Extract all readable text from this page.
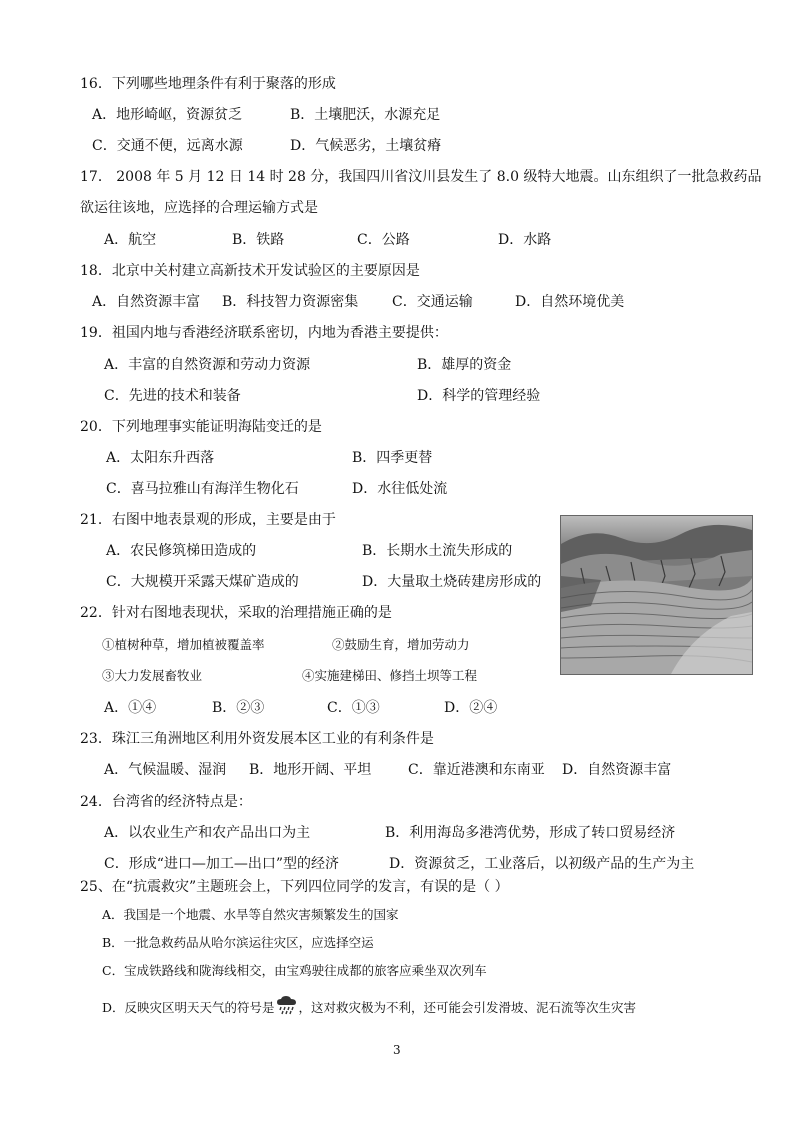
16．下列哪些地理条件有利于聚落的形成
A．地形崎岖，资源贫乏	B．土壤肥沃，水源充足
C．交通不便，远离水源	D．气候恶劣，土壤贫瘠
17． 2008 年 5 月 12 日 14 时 28 分，我国四川省汶川县发生了 8.0 级特大地震。山东组织了一批急救药品
欲运往该地，应选择的合理运输方式是
A．航空	B．铁路	C．公路	D．水路
18．北京中关村建立高新技术开发试验区的主要原因是
A．自然资源丰富 B．科技智力资源密集 C．交通运输	D．自然环境优美
19．祖国内地与香港经济联系密切，内地为香港主要提供：
A．丰富的自然资源和劳动力资源	B．雄厚的资金
C．先进的技术和装备	D．科学的管理经验
20．下列地理事实能证明海陆变迁的是
A．太阳东升西落	B．四季更替
C．喜马拉雅山有海洋生物化石	D．水往低处流
21．右图中地表景观的形成，主要是由于
A．农民修筑梯田造成的	B．长期水土流失形成的
C．大规模开采露天煤矿造成的	D．大量取土烧砖建房形成的
22．针对右图地表现状，采取的治理措施正确的是
①植树种草，增加植被覆盖率	②鼓励生育，增加劳动力
③大力发展畜牧业	④实施建梯田、修挡土坝等工程
A．①④	B．②③	C．①③	D．②④
23．珠江三角洲地区利用外资发展本区工业的有利条件是
A．气候温暖、湿润 B．地形开阔、平坦	C．靠近港澳和东南亚 D．自然资源丰富
24．台湾省的经济特点是：
A．以农业生产和农产品出口为主	B．利用海岛多港湾优势，形成了转口贸易经济
C．形成“进口—加工—出口”型的经济	D．资源贫乏，工业落后，以初级产品的生产为主
25、在“抗震救灾”主题班会上，下列四位同学的发言，有误的是（ ）
A．我国是一个地震、水旱等自然灾害频繁发生的国家
B．一批急救药品从哈尔滨运往灾区，应选择空运
C．宝成铁路线和陇海线相交，由宝鸡驶往成都的旅客应乘坐双次列车
D．反映灾区明天天气的符号是 ，这对救灾极为不利，还可能会引发滑坡、泥石流等次生灾害
3
